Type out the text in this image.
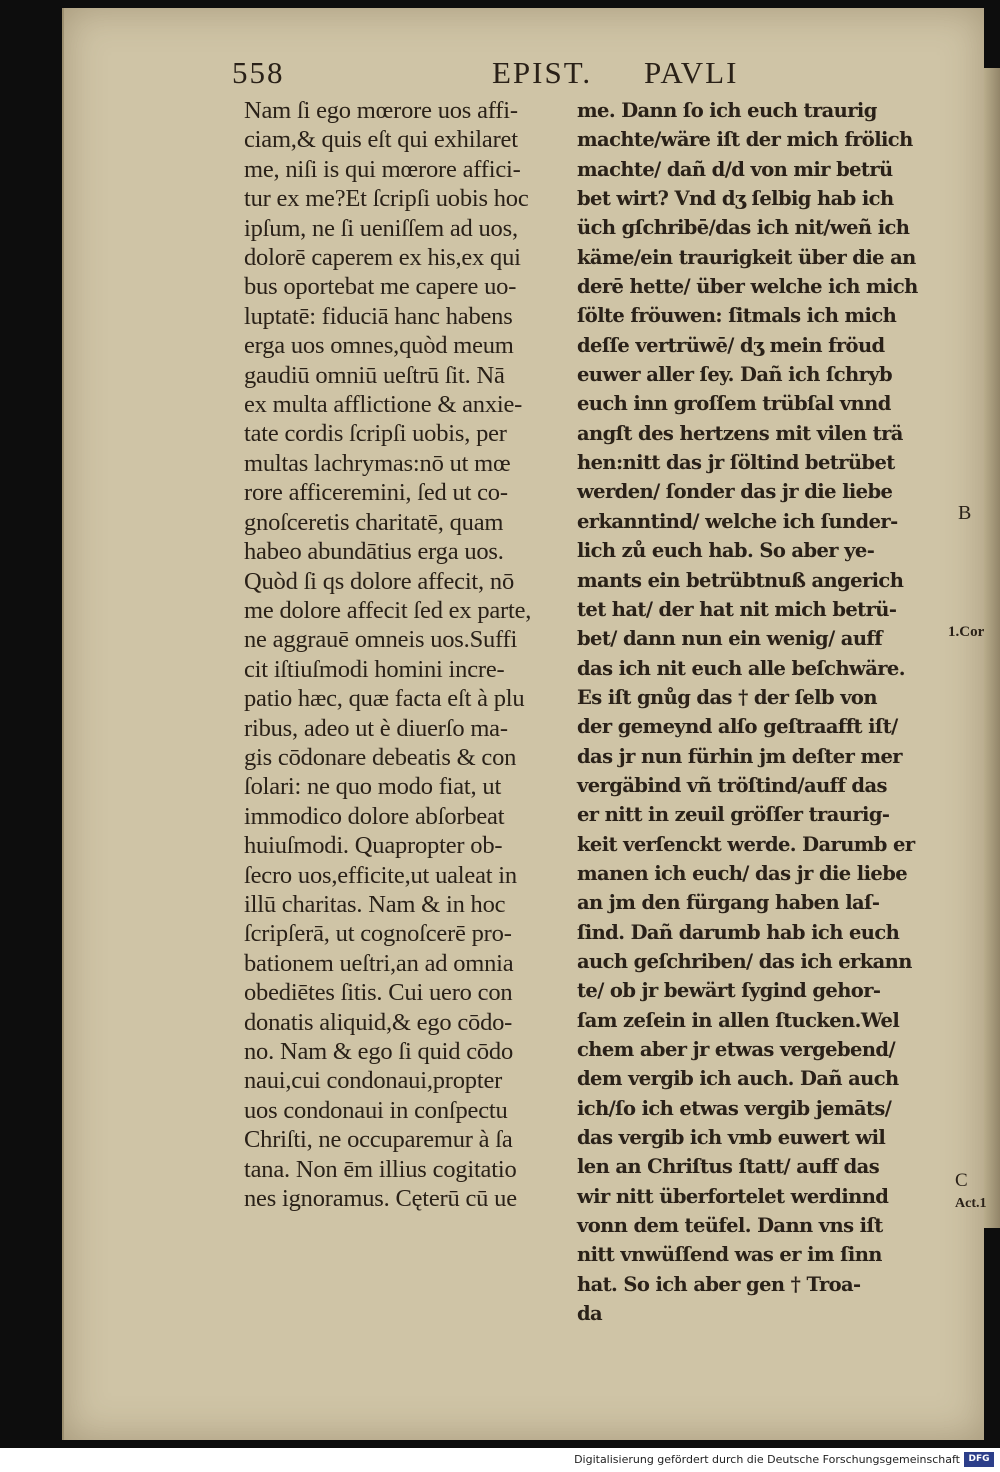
558	EPIST. PAVLI
Nam ſi ego mœrore uos affi-
ciam,& quis eſt qui exhilaret
me, niſi is qui mœrore affici-
tur ex me?Et ſcripſi uobis hoc
ipſum, ne ſi ueniſſem ad uos,
dolorē caperem ex his,ex qui
bus oportebat me capere uo-
luptatē: fiduciā hanc habens
erga uos omnes,quòd meum
gaudiū omniū ueſtrū ſit. Nā
ex multa afflictione & anxie-
tate cordis ſcripſi uobis, per
multas lachrymas:nō ut mœ
rore afficeremini, ſed ut co-
gnoſceretis charitatē, quam
habeo abundātius erga uos.
Quòd ſi qs dolore affecit, nō
me dolore affecit ſed ex parte,
ne aggrauē omneis uos.Suffi
cit iſtiuſmodi homini incre-
patio hæc, quæ facta eſt à plu
ribus, adeo ut è diuerſo ma-
gis cōdonare debeatis & con
ſolari: ne quo modo fiat, ut
immodico dolore abſorbeat
huiuſmodi. Quapropter ob-
ſecro uos,efficite,ut ualeat in
illū charitas. Nam & in hoc
ſcripſerā, ut cognoſcerē pro-
bationem ueſtri,an ad omnia
obediētes ſitis. Cui uero con
donatis aliquid,& ego cōdo-
no. Nam & ego ſi quid cōdo
naui,cui condonaui,propter
uos condonaui in conſpectu
Chriſti, ne occuparemur à ſa
tana. Non ēm illius cogitatio
nes ignoramus. Cęterū cū ue
me. Dann ſo ich euch traurig
machte/wäre iſt der mich frölich
machte/ dañ d/d von mir betrü
bet wirt? Vnd dʒ ſelbig hab ich
üch gſchribē/das ich nit/weñ ich
käme/ein traurigkeit über die an
derē hette/ über welche ich mich
ſölte fröuwen: ſitmals ich mich
deſſe vertrüwē/ dʒ mein fröud
euwer aller ſey. Dañ ich ſchryb
euch inn groſſem trübſal vnnd
angſt des hertzens mit vilen trä
hen:nitt das jr ſöltind betrübet
werden/ ſonder das jr die liebe
erkanntind/ welche ich ſunder-
lich zů euch hab. So aber ye-
mants ein betrübtnuß angerich
tet hat/ der hat nit mich betrü-
bet/ dann nun ein wenig/ auff
das ich nit euch alle beſchwäre.
Es iſt gnůg das † der ſelb von
der gemeynd alſo geſtraafft iſt/
das jr nun fürhin jm deſter mer
vergäbind vñ tröſtind/auff das
er nitt in zeuil gröſſer traurig-
keit verſenckt werde. Darumb er
manen ich euch/ das jr die liebe
an jm den fürgang haben laſ-
ſind. Dañ darumb hab ich euch
auch geſchriben/ das ich erkann
te/ ob jr bewärt ſygind gehor-
ſam zeſein in allen ſtucken.Wel
chem aber jr etwas vergebend/
dem vergib ich auch. Dañ auch
ich/ſo ich etwas vergib jemāts/
das vergib ich vmb euwert wil
len an Chriſtus ſtatt/ auff das
wir nitt überfortelet werdinnd
vonn dem teüfel. Dann vns iſt
nitt vnwüſſend was er im ſinn
hat. So ich aber gen † Troa-
da
B
1.Cor
C
Act.1
Digitalisierung gefördert durch die Deutsche Forschungsgemeinschaft DFG
